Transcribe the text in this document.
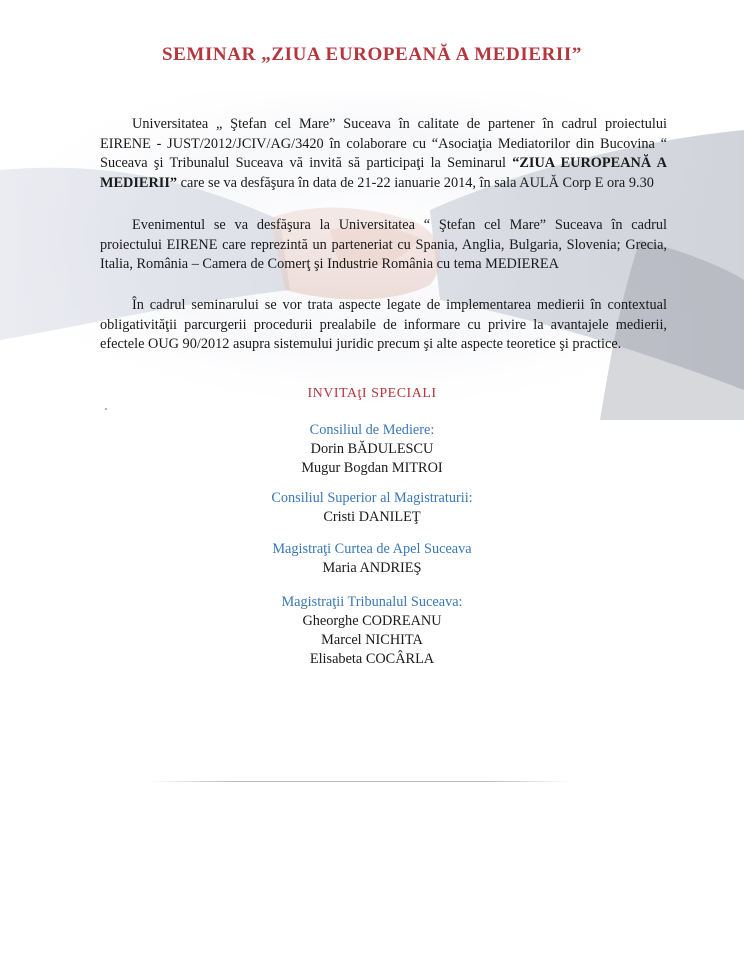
SEMINAR „ZIUA EUROPEANĂ A MEDIERII”

Universitatea „ Ştefan cel Mare” Suceava în calitate de partener în cadrul proiectului EIRENE - JUST/2012/JCIV/AG/3420 în colaborare cu “Asociaţia Mediatorilor din Bucovina “ Suceava şi Tribunalul Suceava vă invită să participaţi la Seminarul “ZIUA EUROPEANĂ A MEDIERII” care se va desfăşura în data de 21-22 ianuarie 2014, în sala AULĂ Corp E ora 9.30

Evenimentul se va desfăşura la Universitatea “ Ştefan cel Mare” Suceava în cadrul proiectului EIRENE care reprezintă un parteneriat cu Spania, Anglia, Bulgaria, Slovenia; Grecia, Italia, România – Camera de Comerţ şi Industrie România cu tema MEDIEREA

În cadrul seminarului se vor trata aspecte legate de implementarea medierii în contextual obligativităţii parcurgerii procedurii prealabile de informare cu privire la avantajele medierii, efectele OUG 90/2012 asupra sistemului juridic precum şi alte aspecte teoretice şi practice.

INVITAţI SPECIALI
Consiliul de Mediere:
Dorin BĂDULESCU
Mugur Bogdan MITROI
Consiliul Superior al Magistraturii:
Cristi DANILEŢ
Magistraţi Curtea de Apel Suceava
Maria ANDRIEŞ
Magistraţii Tribunalul Suceava:
Gheorghe CODREANU
Marcel NICHITA
Elisabeta COCÂRLA
